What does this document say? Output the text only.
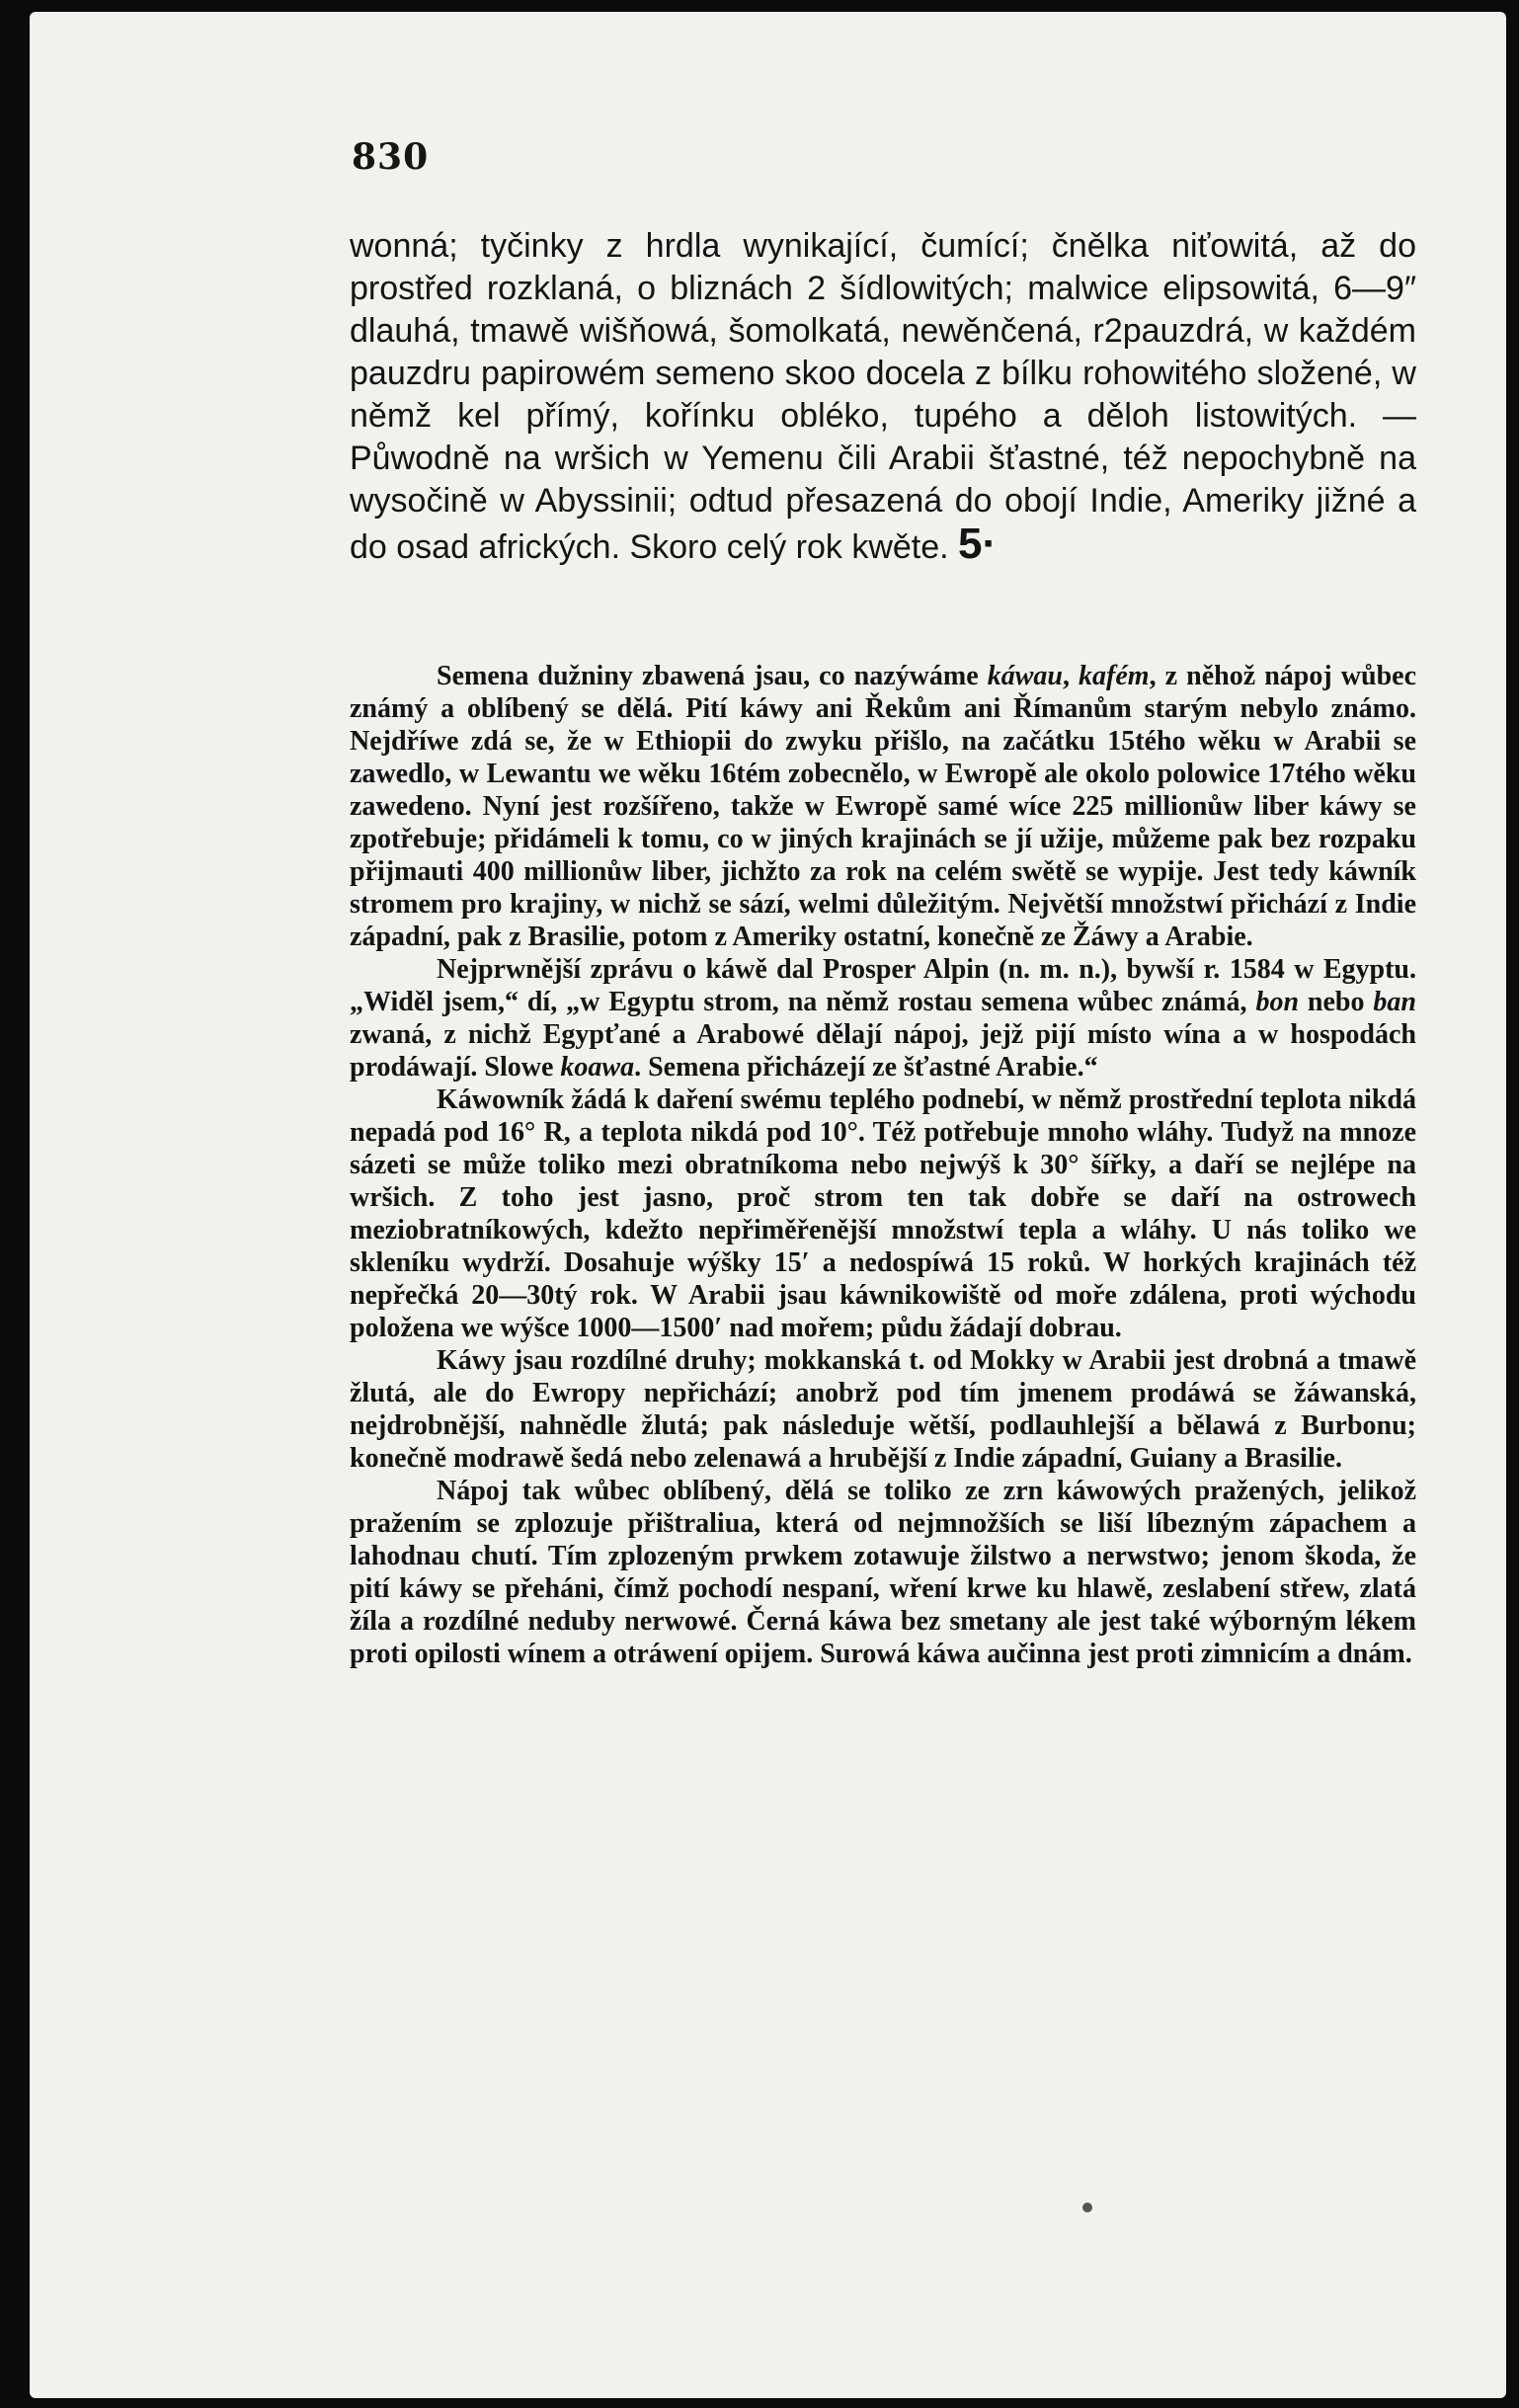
830

wonná; tyčinky z hrdla wynikající, čumící; čnělka niťowitá, až do prostřed rozklaná, o bliznách 2 šídlowitých; malwice elipsowitá, 6—9″ dlauhá, tmawě wišňowá, šomolkatá, newěnčená, r2pauzdrá, w každém pauzdru papirowém semeno skoo docela z bílku rohowitého složené, w němž kel přímý, kořínku obléko, tupého a děloh listowitých. — Půwodně na wršich w Yemenu čili Arabii šťastné, též nepochybně na wysočině w Abyssinii; odtud přesazená do obojí Indie, Ameriky jižné a do osad afrických. Skoro celý rok kwěte. 5·

Semena dužniny zbawená jsau, co nazýwáme káwau, kafém, z něhož nápoj wůbec známý a oblíbený se dělá. Pití káwy ani Řekům ani Římanům starým nebylo známo. Nejdříwe zdá se, že w Ethiopii do zwyku přišlo, na začátku 15tého wěku w Arabii se zawedlo, w Lewantu we wěku 16tém zobecnělo, w Ewropě ale okolo polowice 17tého wěku zawedeno. Nyní jest rozšířeno, takže w Ewropě samé wíce 225 millionůw liber káwy se zpotřebuje; přidámeli k tomu, co w jiných krajinách se jí užije, můžeme pak bez rozpaku přijmauti 400 millionůw liber, jichžto za rok na celém swětě se wypije. Jest tedy káwník stromem pro krajiny, w nichž se sází, welmi důležitým. Největší množstwí přichází z Indie západní, pak z Brasilie, potom z Ameriky ostatní, konečně ze Žáwy a Arabie.

Nejprwnější zprávu o káwě dal Prosper Alpin (n. m. n.), bywší r. 1584 w Egyptu. „Widěl jsem,“ dí, „w Egyptu strom, na němž rostau semena wůbec známá, bon nebo ban zwaná, z nichž Egypťané a Arabowé dělají nápoj, jejž pijí místo wína a w hospodách prodáwají. Slowe koawa. Semena přicházejí ze šťastné Arabie.“

Káwowník žádá k daření swému teplého podnebí, w němž prostřední teplota nikdá nepadá pod 16° R, a teplota nikdá pod 10°. Též potřebuje mnoho wláhy. Tudyž na mnoze sázeti se může toliko mezi obratníkoma nebo nejwýš k 30° šířky, a daří se nejlépe na wršich. Z toho jest jasno, proč strom ten tak dobře se daří na ostrowech meziobratníkowých, kdežto nepřiměřenější množstwí tepla a wláhy. U nás toliko we skleníku wydrží. Dosahuje wýšky 15′ a nedospíwá 15 roků. W horkých krajinách též nepřečká 20—30tý rok. W Arabii jsau káwnikowiště od moře zdálena, proti wýchodu položena we wýšce 1000—1500′ nad mořem; půdu žádají dobrau.

Káwy jsau rozdílné druhy; mokkanská t. od Mokky w Arabii jest drobná a tmawě žlutá, ale do Ewropy nepřichází; anobrž pod tím jmenem prodáwá se žáwanská, nejdrobnější, nahnědle žlutá; pak následuje wětší, podlauhlejší a bělawá z Burbonu; konečně modrawě šedá nebo zelenawá a hrubější z Indie západní, Guiany a Brasilie.

Nápoj tak wůbec oblíbený, dělá se toliko ze zrn káwowých pražených, jelikož pražením se zplozuje přištraliua, která od nejmnožších se liší líbezným zápachem a lahodnau chutí. Tím zplozeným prwkem zotawuje žilstwo a nerwstwo; jenom škoda, že pití káwy se přeháni, čímž pochodí nespaní, wření krwe ku hlawě, zeslabení střew, zlatá žíla a rozdílné neduby nerwowé. Černá káwa bez smetany ale jest také wýborným lékem proti opilosti wínem a otráwení opijem. Surowá káwa aučinna jest proti zimnicím a dnám.
